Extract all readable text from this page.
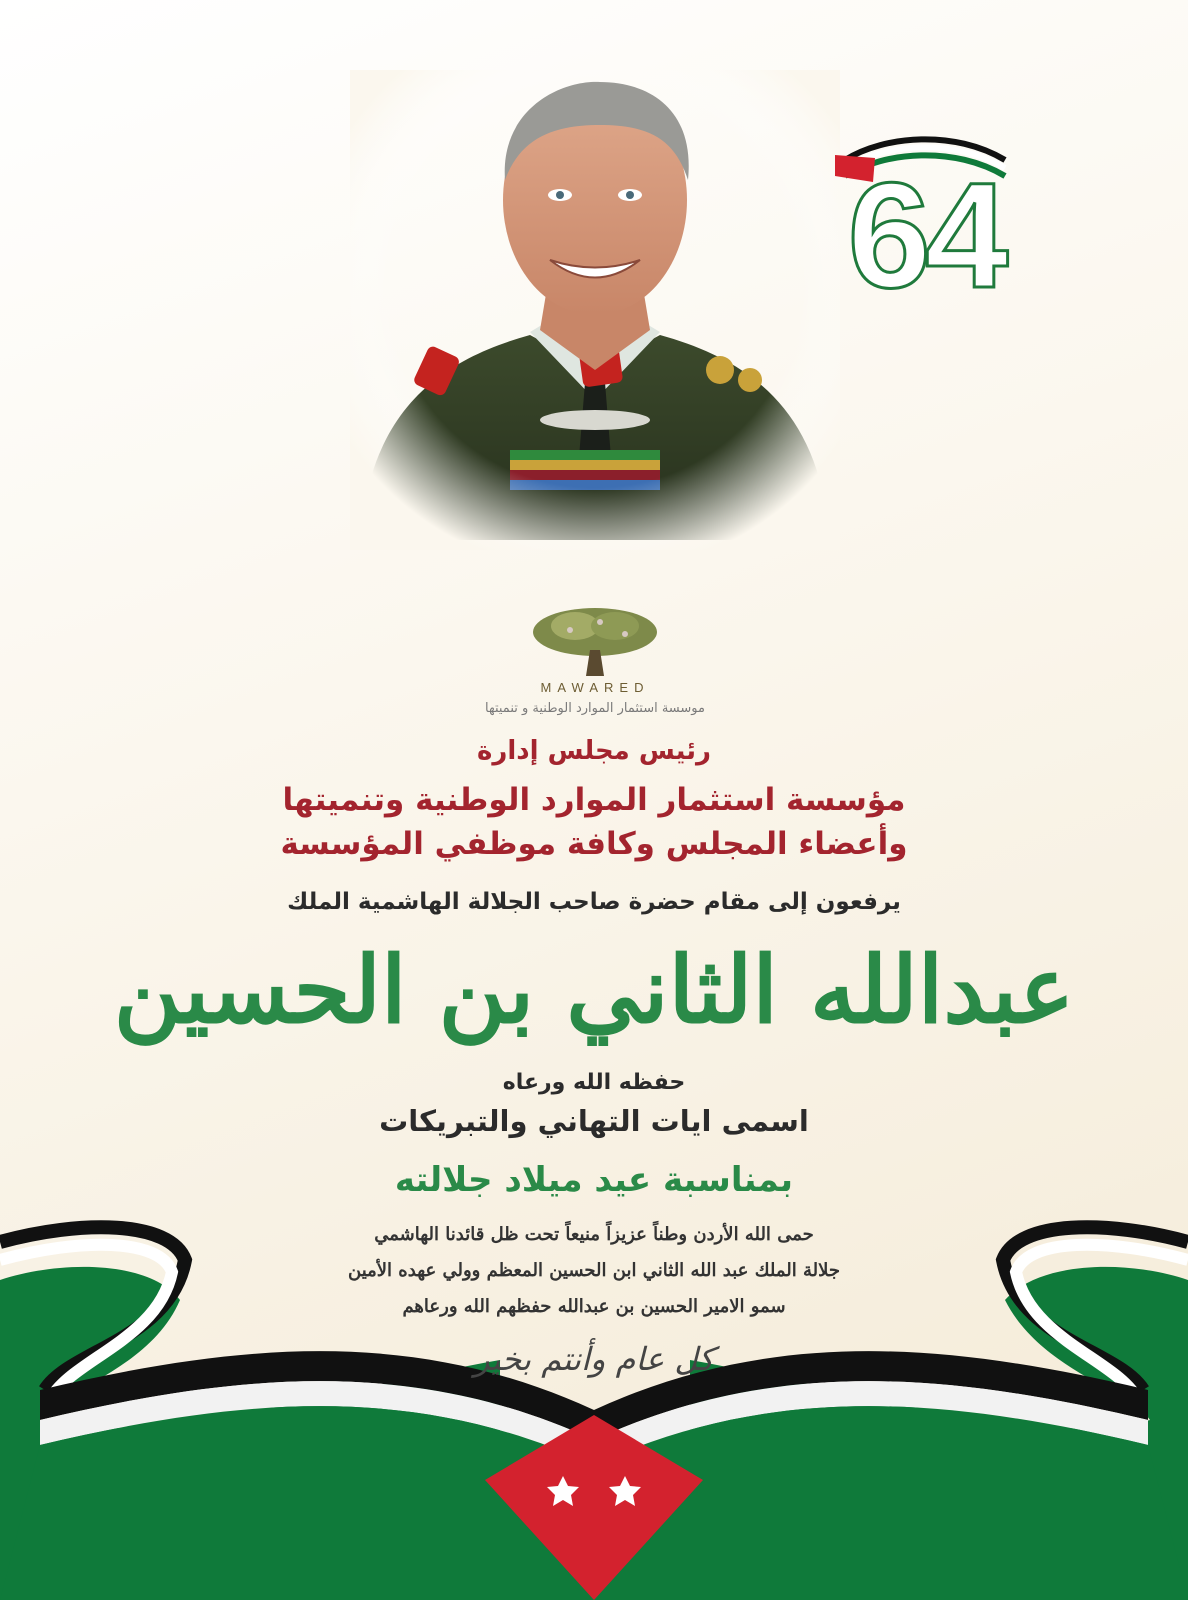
64
MAWARED
موسسة استثمار الموارد الوطنية و تنميتها
رئيس مجلس إدارة
مؤسسة استثمار الموارد الوطنية وتنميتها
وأعضاء المجلس وكافة موظفي المؤسسة
يرفعون إلى مقام حضرة صاحب الجلالة الهاشمية الملك
عبدالله الثاني بن الحسين
حفظه الله ورعاه
اسمى ايات التهاني والتبريكات
بمناسبة عيد ميلاد جلالته
حمى الله الأردن وطناً عزيزاً منيعاً تحت ظل قائدنا الهاشمي
جلالة الملك عبد الله الثاني ابن الحسين المعظم وولي عهده الأمين
سمو الامير الحسين بن عبدالله حفظهم الله ورعاهم
كل عام وأنتم بخير
